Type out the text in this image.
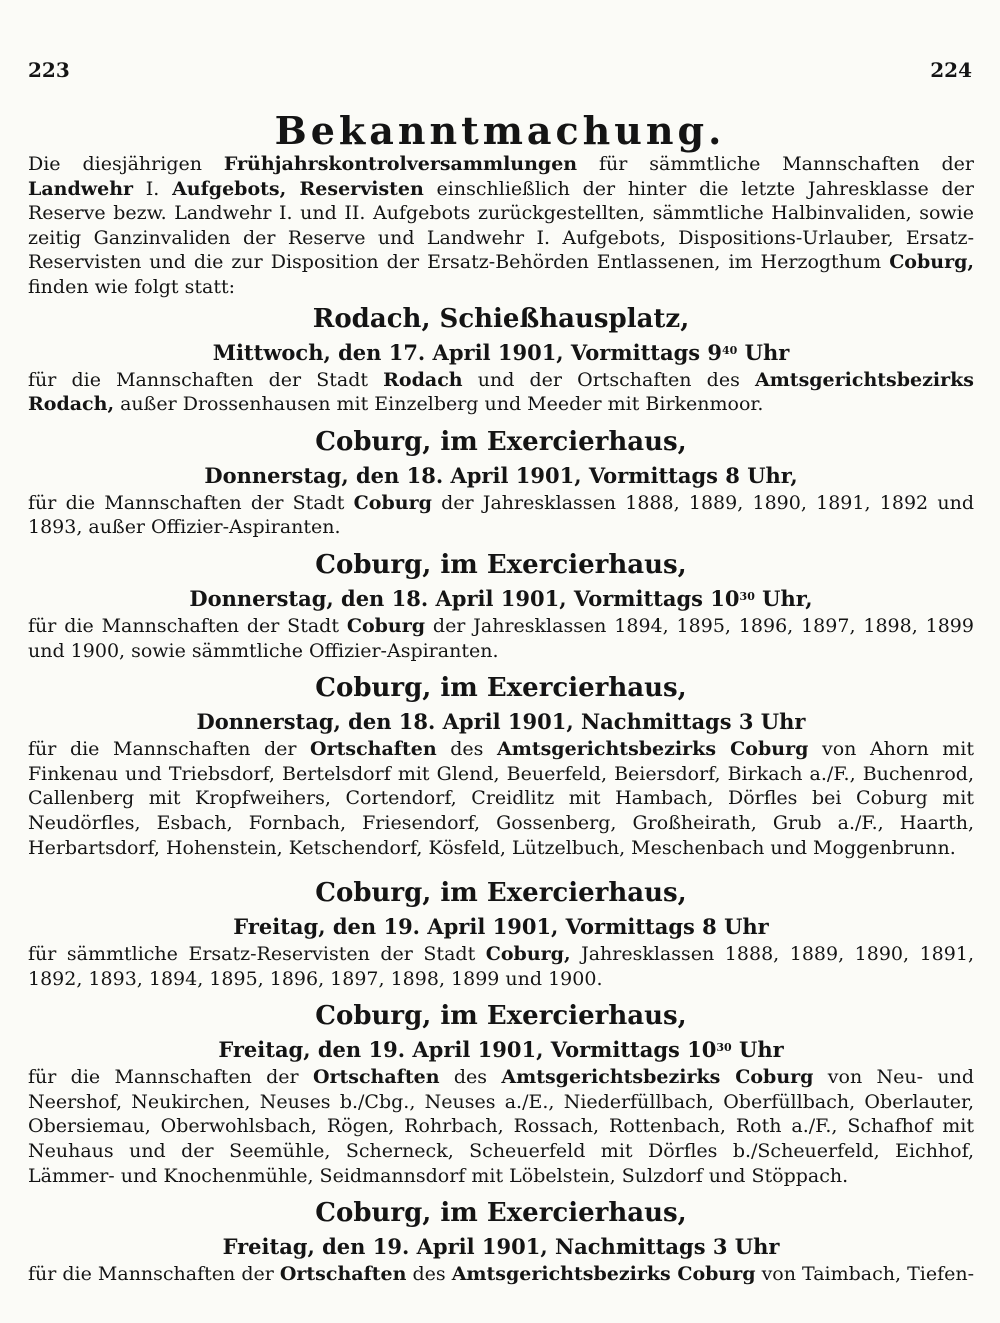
223	224
Bekanntmachung.

Die diesjährigen Frühjahrskontrolversammlungen für sämmtliche Mannschaften der Landwehr I. Aufgebots, Reservisten einschließlich der hinter die letzte Jahresklasse der Reserve bezw. Landwehr I. und II. Aufgebots zurückgestellten, sämmtliche Halbinvaliden, sowie zeitig Ganzinvaliden der Reserve und Landwehr I. Aufgebots, Dispositions-Urlauber, Ersatz-Reservisten und die zur Disposition der Ersatz-Behörden Entlassenen, im Herzogthum Coburg, finden wie folgt statt:

Rodach, Schießhausplatz,
Mittwoch, den 17. April 1901, Vormittags $9^{40}$ Uhr

für die Mannschaften der Stadt Rodach und der Ortschaften des Amtsgerichtsbezirks Rodach, außer Drossenhausen mit Einzelberg und Meeder mit Birkenmoor.

Coburg, im Exercierhaus,
Donnerstag, den 18. April 1901, Vormittags 8 Uhr,

für die Mannschaften der Stadt Coburg der Jahresklassen 1888, 1889, 1890, 1891, 1892 und 1893, außer Offizier-Aspiranten.

Coburg, im Exercierhaus,
Donnerstag, den 18. April 1901, Vormittags $10^{30}$ Uhr,

für die Mannschaften der Stadt Coburg der Jahresklassen 1894, 1895, 1896, 1897, 1898, 1899 und 1900, sowie sämmtliche Offizier-Aspiranten.

Coburg, im Exercierhaus,
Donnerstag, den 18. April 1901, Nachmittags 3 Uhr

für die Mannschaften der Ortschaften des Amtsgerichtsbezirks Coburg von Ahorn mit Finkenau und Triebsdorf, Bertelsdorf mit Glend, Beuerfeld, Beiersdorf, Birkach a./F., Buchenrod, Callenberg mit Kropfweihers, Cortendorf, Creidlitz mit Hambach, Dörfles bei Coburg mit Neudörfles, Esbach, Fornbach, Friesendorf, Gossenberg, Großheirath, Grub a./F., Haarth, Herbartsdorf, Hohenstein, Ketschendorf, Kösfeld, Lützelbuch, Meschenbach und Moggenbrunn.

Coburg, im Exercierhaus,
Freitag, den 19. April 1901, Vormittags 8 Uhr

für sämmtliche Ersatz-Reservisten der Stadt Coburg, Jahresklassen 1888, 1889, 1890, 1891, 1892, 1893, 1894, 1895, 1896, 1897, 1898, 1899 und 1900.

Coburg, im Exercierhaus,
Freitag, den 19. April 1901, Vormittags $10^{30}$ Uhr

für die Mannschaften der Ortschaften des Amtsgerichtsbezirks Coburg von Neu- und Neershof, Neukirchen, Neuses b./Cbg., Neuses a./E., Niederfüllbach, Oberfüllbach, Oberlauter, Obersiemau, Oberwohlsbach, Rögen, Rohrbach, Rossach, Rottenbach, Roth a./F., Schafhof mit Neuhaus und der Seemühle, Scherneck, Scheuerfeld mit Dörfles b./Scheuerfeld, Eichhof, Lämmer- und Knochenmühle, Seidmannsdorf mit Löbelstein, Sulzdorf und Stöppach.

Coburg, im Exercierhaus,
Freitag, den 19. April 1901, Nachmittags 3 Uhr

für die Mannschaften der Ortschaften des Amtsgerichtsbezirks Coburg von Taimbach, Tiefen-
